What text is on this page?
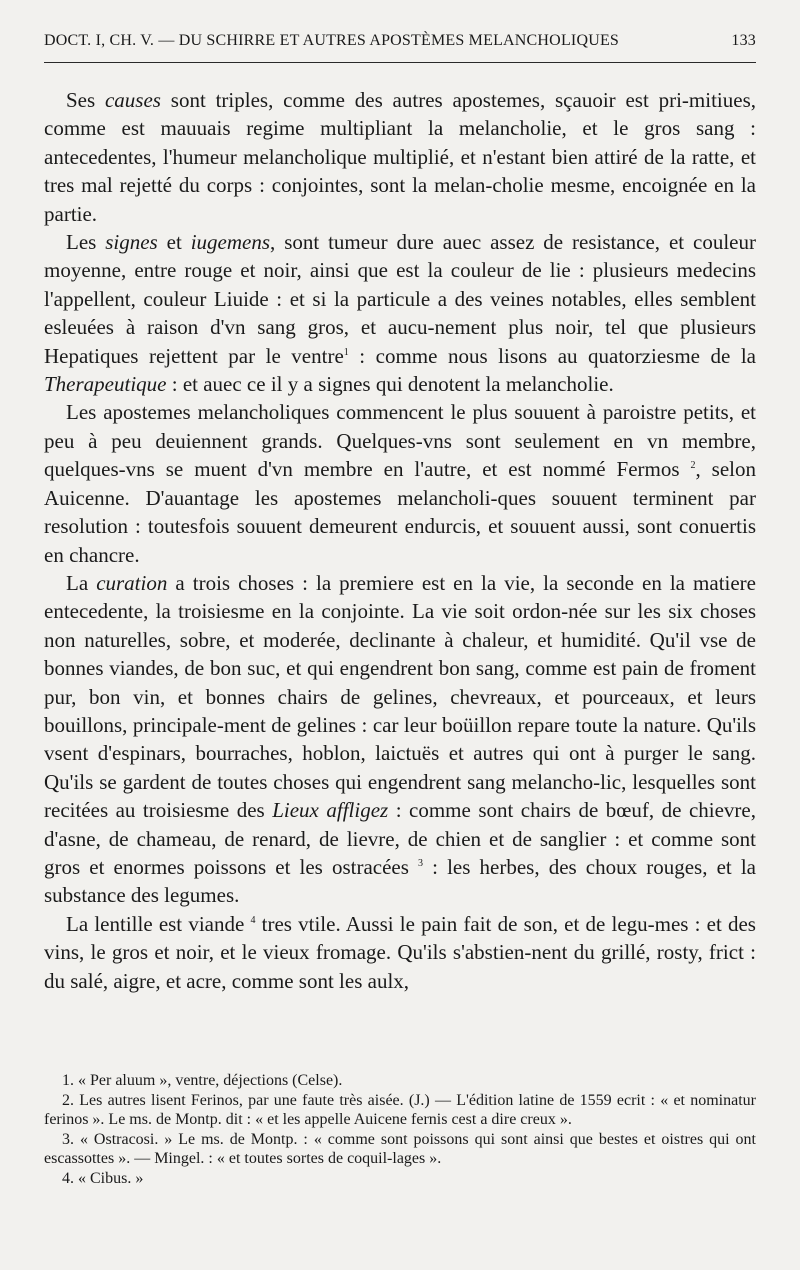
DOCT. I, CH. V. — DU SCHIRRE ET AUTRES APOSTÈMES MELANCHOLIQUES	133

Ses causes sont triples, comme des autres apostemes, sçauoir est pri-mitiues, comme est mauuais regime multipliant la melancholie, et le gros sang : antecedentes, l'humeur melancholique multiplié, et n'estant bien attiré de la ratte, et tres mal rejetté du corps : conjointes, sont la melan-cholie mesme, encoignée en la partie.

Les signes et iugemens, sont tumeur dure auec assez de resistance, et couleur moyenne, entre rouge et noir, ainsi que est la couleur de lie : plusieurs medecins l'appellent, couleur Liuide : et si la particule a des veines notables, elles semblent esleuées à raison d'vn sang gros, et aucu-nement plus noir, tel que plusieurs Hepatiques rejettent par le ventre$^1$ : comme nous lisons au quatorziesme de la Therapeutique : et auec ce il y a signes qui denotent la melancholie.

Les apostemes melancholiques commencent le plus souuent à paroistre petits, et peu à peu deuiennent grands. Quelques-vns sont seulement en vn membre, quelques-vns se muent d'vn membre en l'autre, et est nommé Fermos $^2$, selon Auicenne. D'auantage les apostemes melancholi-ques souuent terminent par resolution : toutesfois souuent demeurent endurcis, et souuent aussi, sont conuertis en chancre.

La curation a trois choses : la premiere est en la vie, la seconde en la matiere entecedente, la troisiesme en la conjointe. La vie soit ordon-née sur les six choses non naturelles, sobre, et moderée, declinante à chaleur, et humidité. Qu'il vse de bonnes viandes, de bon suc, et qui engendrent bon sang, comme est pain de froment pur, bon vin, et bonnes chairs de gelines, chevreaux, et pourceaux, et leurs bouillons, principale-ment de gelines : car leur boüillon repare toute la nature. Qu'ils vsent d'espinars, bourraches, hoblon, laictuës et autres qui ont à purger le sang. Qu'ils se gardent de toutes choses qui engendrent sang melancho-lic, lesquelles sont recitées au troisiesme des Lieux affligez : comme sont chairs de bœuf, de chievre, d'asne, de chameau, de renard, de lievre, de chien et de sanglier : et comme sont gros et enormes poissons et les ostracées $^3$ : les herbes, des choux rouges, et la substance des legumes.

La lentille est viande $^4$ tres vtile. Aussi le pain fait de son, et de legu-mes : et des vins, le gros et noir, et le vieux fromage. Qu'ils s'abstien-nent du grillé, rosty, frict : du salé, aigre, et acre, comme sont les aulx,

1. « Per aluum », ventre, déjections (Celse).

2. Les autres lisent Ferinos, par une faute très aisée. (J.) — L'édition latine de 1559 ecrit : « et nominatur ferinos ». Le ms. de Montp. dit : « et les appelle Auicene fernis cest a dire creux ».

3. « Ostracosi. » Le ms. de Montp. : « comme sont poissons qui sont ainsi que bestes et oistres qui ont escassottes ». — Mingel. : « et toutes sortes de coquil-lages ».

4. « Cibus. »
